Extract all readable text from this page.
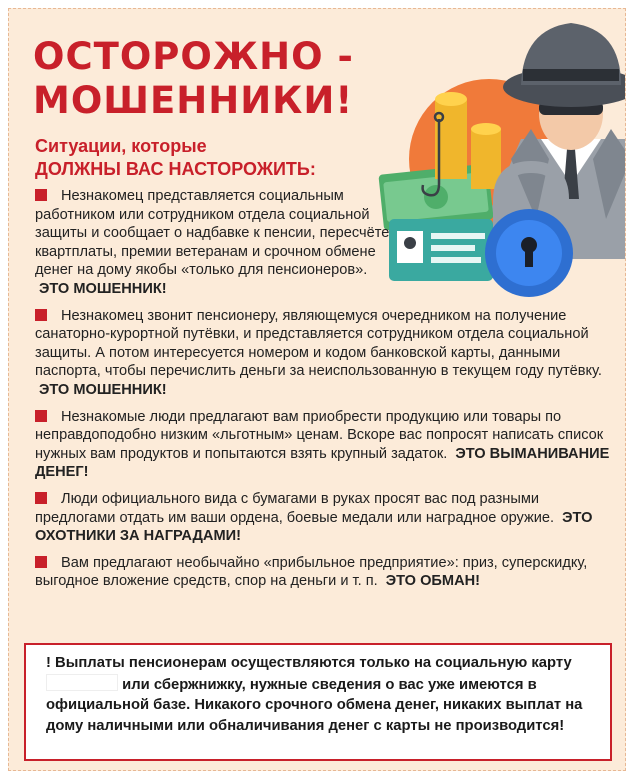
ОСТОРОЖНО -
МОШЕННИКИ!
Ситуации, которые
ДОЛЖНЫ ВАС НАСТОРОЖИТЬ:
Незнакомец представляется социальным работником или сотрудником отдела социальной защиты и сообщает о надбавке к пенсии, пересчёте квартплаты, премии ветеранам и срочном обмене денег на дому якобы «только для пенсионеров». ЭТО МОШЕННИК!
Незнакомец звонит пенсионеру, являющемуся очередником на получение санаторно-курортной путёвки, и представляется сотрудником отдела социальной защиты. А потом интересуется номером и кодом банковской карты, данными паспорта, чтобы перечислить деньги за неиспользованную в текущем году путёвку. ЭТО МОШЕННИК!
Незнакомые люди предлагают вам приобрести продукцию или товары по неправдоподобно низким «льготным» ценам. Вскоре вас попросят написать список нужных вам продуктов и попытаются взять крупный задаток. ЭТО ВЫМАНИВАНИЕ ДЕНЕГ!
Люди официального вида с бумагами в руках просят вас под разными предлогами отдать им ваши ордена, боевые медали или наградное оружие. ЭТО ОХОТНИКИ ЗА НАГРАДАМИ!
Вам предлагают необычайно «прибыльное предприятие»: приз, суперскидку, выгодное вложение средств, спор на деньги и т. п. ЭТО ОБМАН!
! Выплаты пенсионерам осуществляются только на социальную карту  или сбержнижку, нужные сведения о вас уже имеются в официальной базе. Никакого срочного обмена денег, никаких выплат на дому наличными или обналичивания денег с карты не производится!
